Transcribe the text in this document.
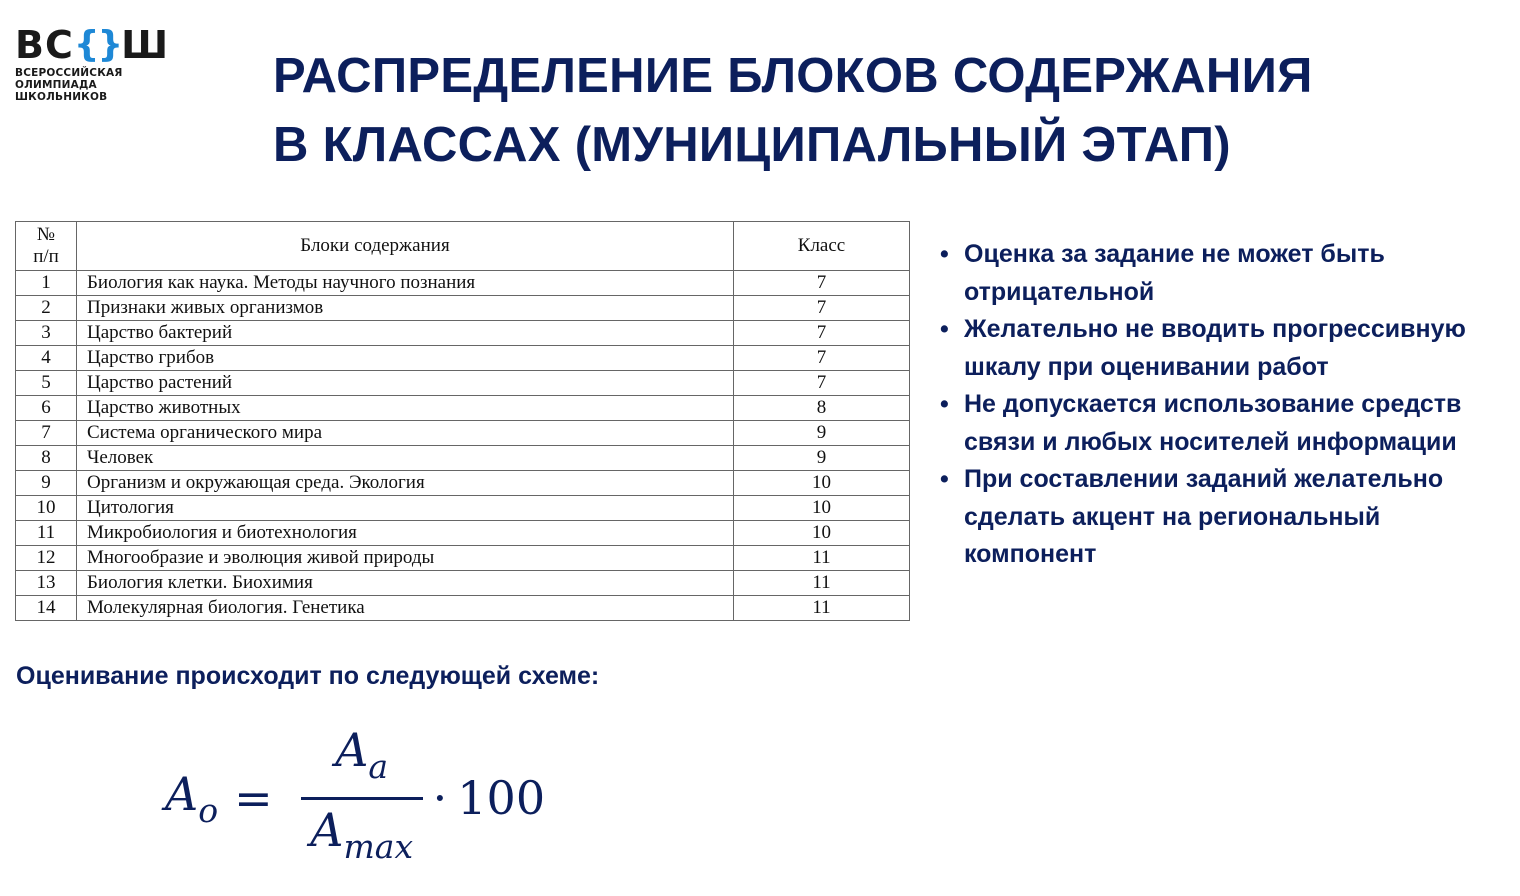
ВС {} Ш
ВСЕРОССИЙСКАЯ
ОЛИМПИАДА
ШКОЛЬНИКОВ	РАСПРЕДЕЛЕНИЕ БЛОКОВ СОДЕРЖАНИЯ
В КЛАССАХ (МУНИЦИПАЛЬНЫЙ ЭТАП)
№
п/п	Блоки содержания	Класс
1	Биология как наука. Методы научного познания	7
2	Признаки живых организмов	7
3	Царство бактерий	7
4	Царство грибов	7
5	Царство растений	7
6	Царство животных	8
7	Система органического мира	9
8	Человек	9
9	Организм и окружающая среда. Экология	10
10	Цитология	10
11	Микробиология и биотехнология	10
12	Многообразие и эволюция живой природы	11
13	Биология клетки. Биохимия	11
14	Молекулярная биология. Генетика	11
• Оценка за задание не может быть
отрицательной
• Желательно не вводить прогрессивную
шкалу при оценивании работ
• Не допускается использование средств
связи и любых носителей информации
• При составлении заданий желательно
сделать акцент на региональный
компонент
Оценивание происходит по следующей схеме:
$A_o = \frac{A_a}{A_{max}} \cdot 100$
